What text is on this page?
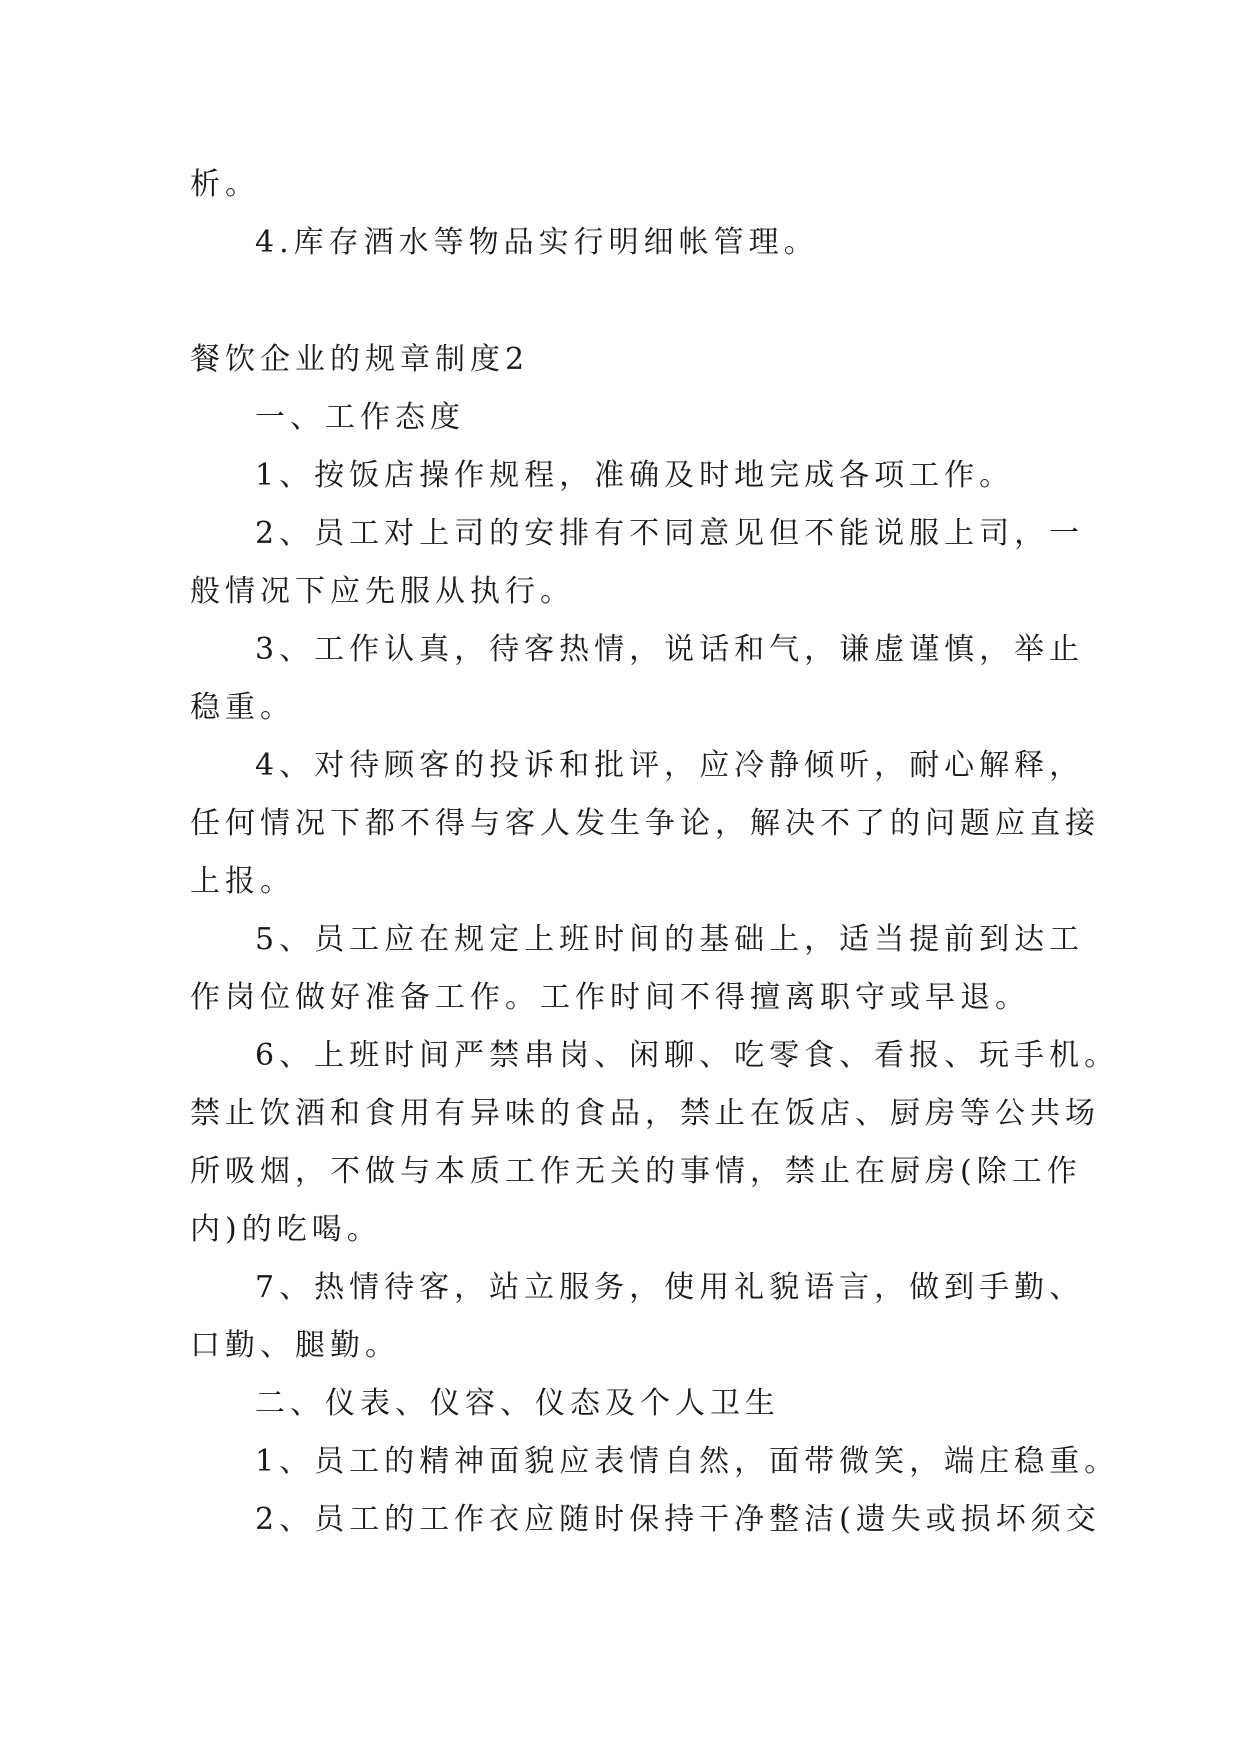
析。
4.库存酒水等物品实行明细帐管理。
餐饮企业的规章制度2
一、工作态度
1、按饭店操作规程，准确及时地完成各项工作。
2、员工对上司的安排有不同意见但不能说服上司，一
般情况下应先服从执行。
3、工作认真，待客热情，说话和气，谦虚谨慎，举止
稳重。
4、对待顾客的投诉和批评，应冷静倾听，耐心解释，
任何情况下都不得与客人发生争论，解决不了的问题应直接
上报。
5、员工应在规定上班时间的基础上，适当提前到达工
作岗位做好准备工作。工作时间不得擅离职守或早退。
6、上班时间严禁串岗、闲聊、吃零食、看报、玩手机。
禁止饮酒和食用有异味的食品，禁止在饭店、厨房等公共场
所吸烟，不做与本质工作无关的事情，禁止在厨房(除工作
内)的吃喝。
7、热情待客，站立服务，使用礼貌语言，做到手勤、
口勤、腿勤。
二、仪表、仪容、仪态及个人卫生
1、员工的精神面貌应表情自然，面带微笑，端庄稳重。
2、员工的工作衣应随时保持干净整洁(遗失或损坏须交
